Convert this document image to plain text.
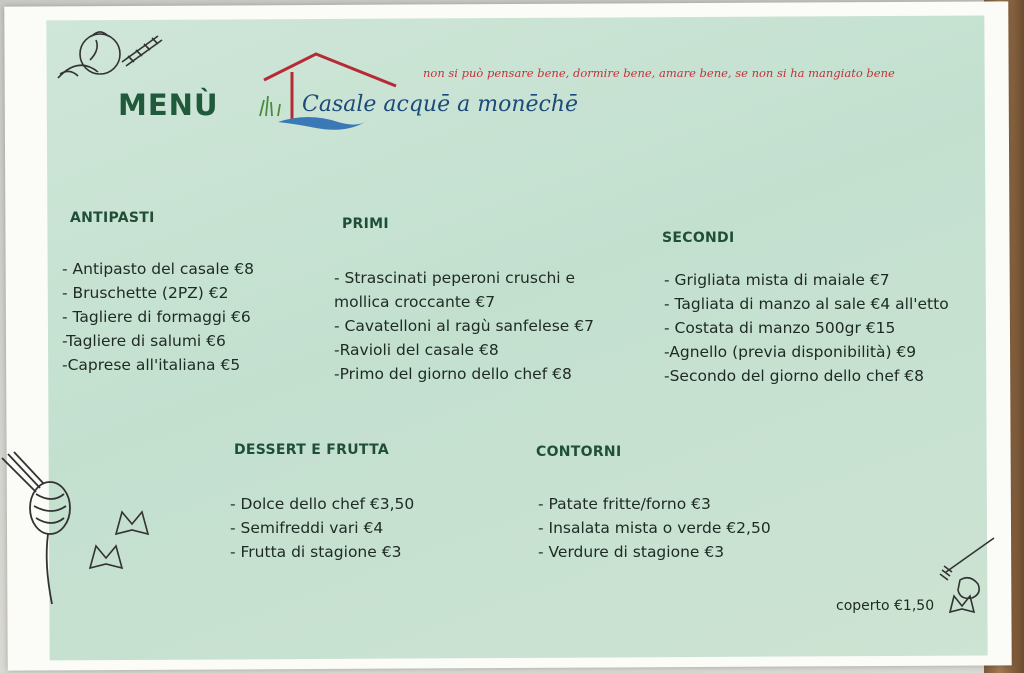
MENÙ	Casale acquē a monēchē
non si può pensare bene, dormire bene, amare bene, se non si ha mangiato bene
ANTIPASTI
- Antipasto del casale €8
- Bruschette (2PZ) €2
- Tagliere di formaggi €6
-Tagliere di salumi €6
-Caprese all'italiana €5
PRIMI
- Strascinati peperoni cruschi e
mollica croccante €7
- Cavatelloni al ragù sanfelese €7
-Ravioli del casale €8
-Primo del giorno dello chef €8
SECONDI
- Grigliata mista di maiale €7
- Tagliata di manzo al sale €4 all'etto
- Costata di manzo 500gr €15
-Agnello (previa disponibilità) €9
-Secondo del giorno dello chef €8
DESSERT E FRUTTA
- Dolce dello chef €3,50
- Semifreddi vari €4
- Frutta di stagione €3
CONTORNI
- Patate fritte/forno €3
- Insalata mista o verde €2,50
- Verdure di stagione €3
coperto €1,50
